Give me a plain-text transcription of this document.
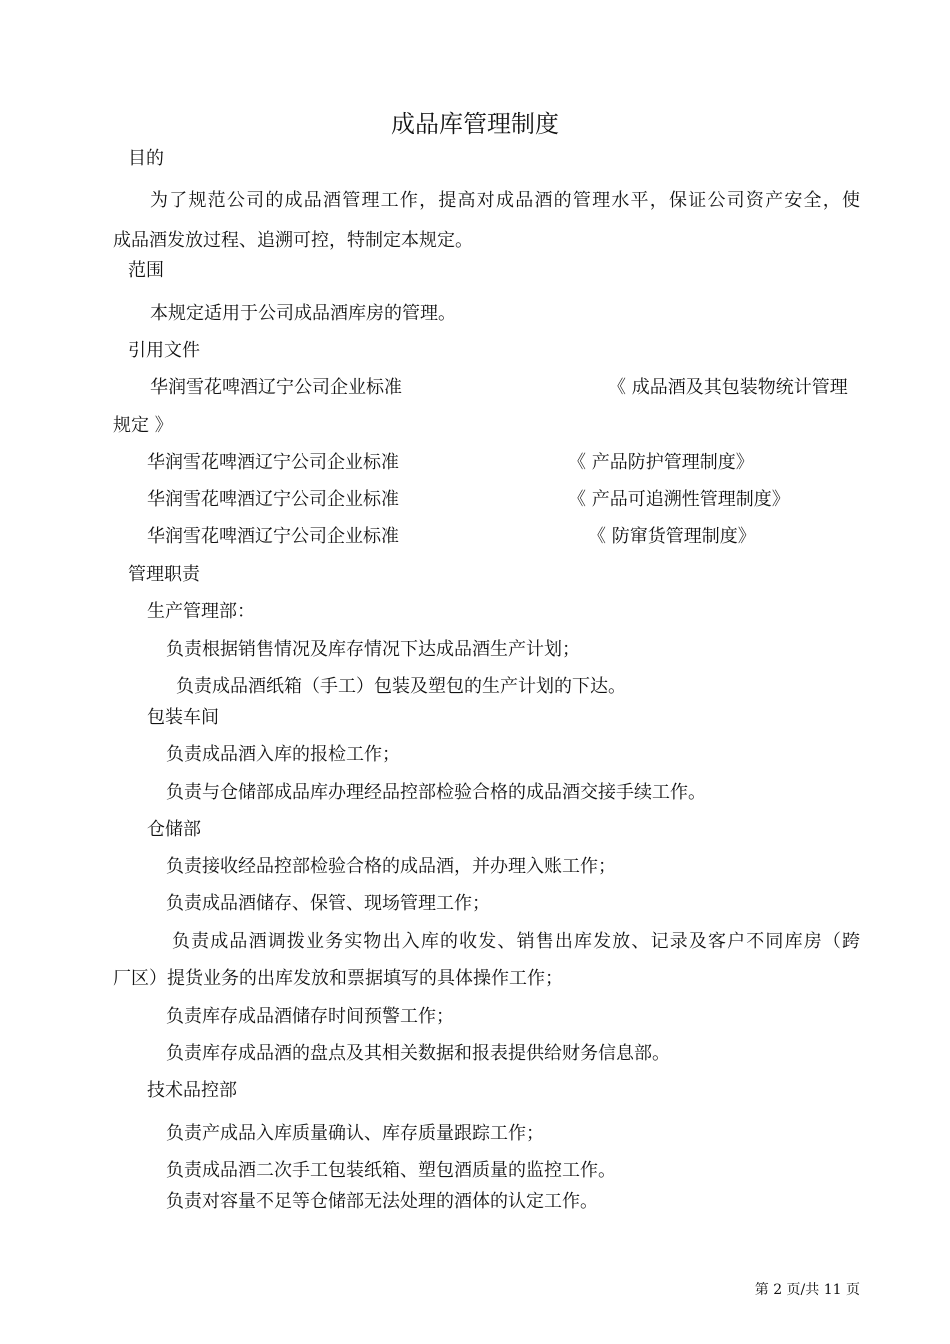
成品库管理制度
目的
为了规范公司的成品酒管理工作，提高对成品酒的管理水平，保证公司资产安全，使
成品酒发放过程、追溯可控，特制定本规定。
范围
本规定适用于公司成品酒库房的管理。
引用文件
华润雪花啤酒辽宁公司企业标准	《 成品酒及其包装物统计管理
规定 》
华润雪花啤酒辽宁公司企业标准	《 产品防护管理制度》
华润雪花啤酒辽宁公司企业标准	《 产品可追溯性管理制度》
华润雪花啤酒辽宁公司企业标准	《 防窜货管理制度》
管理职责
生产管理部：
负责根据销售情况及库存情况下达成品酒生产计划；
负责成品酒纸箱（手工）包装及塑包的生产计划的下达。
包装车间
负责成品酒入库的报检工作；
负责与仓储部成品库办理经品控部检验合格的成品酒交接手续工作。
仓储部
负责接收经品控部检验合格的成品酒，并办理入账工作；
负责成品酒储存、保管、现场管理工作；
负责成品酒调拨业务实物出入库的收发、销售出库发放、记录及客户不同库房（跨
厂区）提货业务的出库发放和票据填写的具体操作工作；
负责库存成品酒储存时间预警工作；
负责库存成品酒的盘点及其相关数据和报表提供给财务信息部。
技术品控部
负责产成品入库质量确认、库存质量跟踪工作；
负责成品酒二次手工包装纸箱、塑包酒质量的监控工作。
负责对容量不足等仓储部无法处理的酒体的认定工作。
第 2 页/共 11 页
